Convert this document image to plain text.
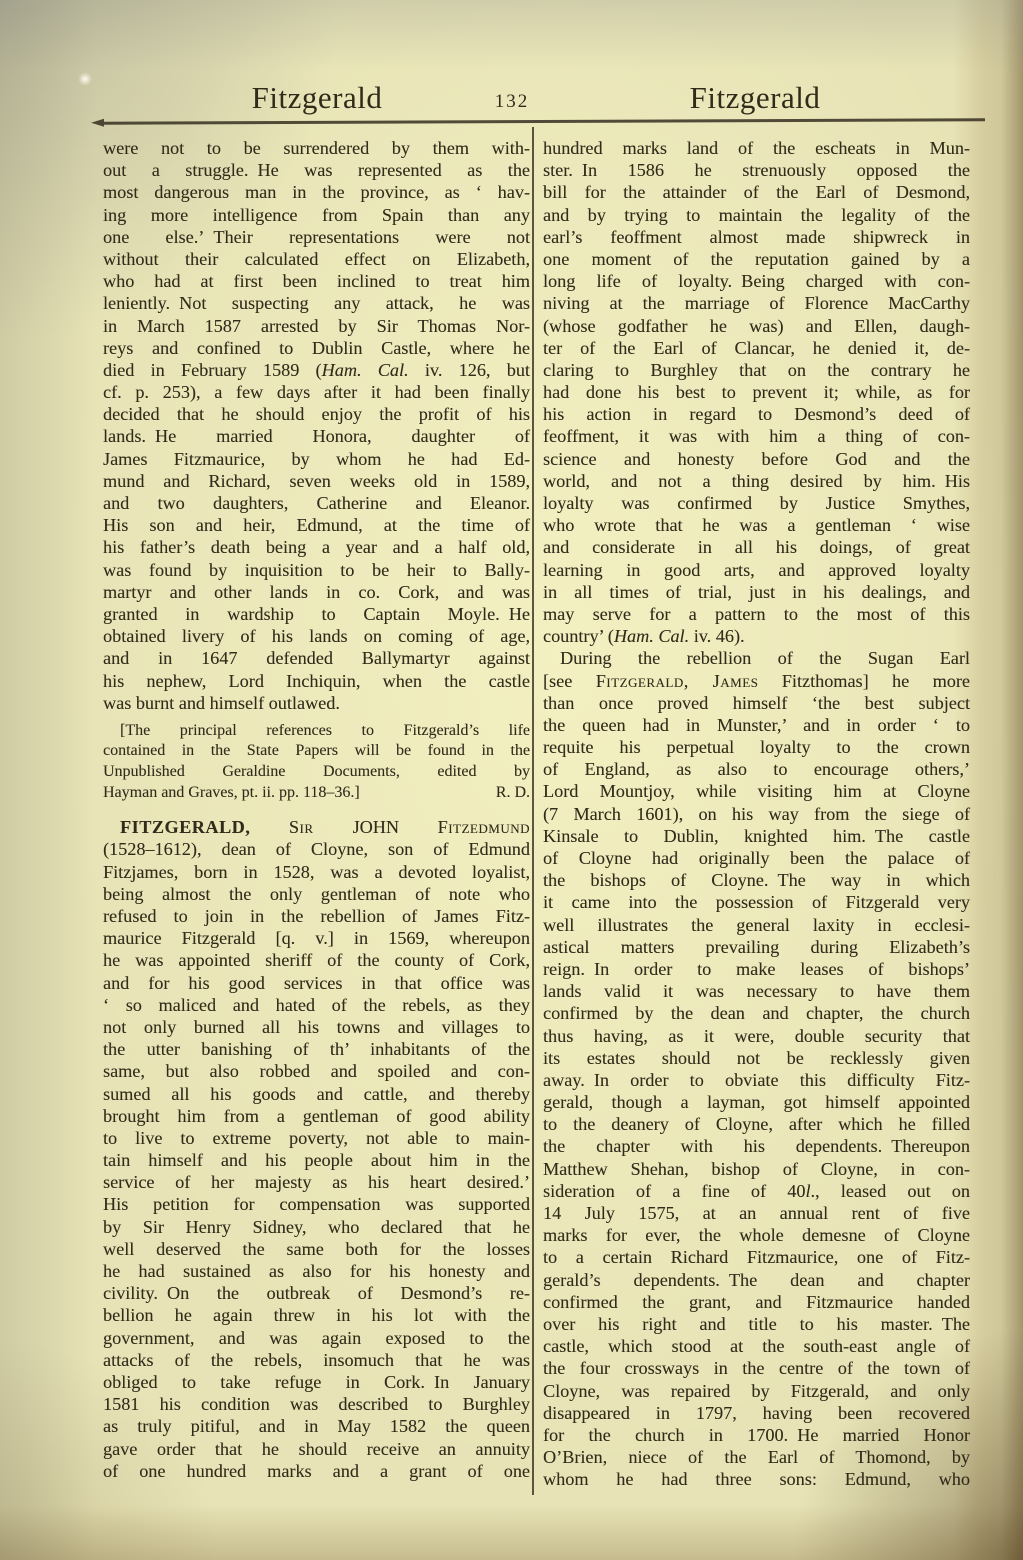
Fitzgerald	132	Fitzgerald
were not to be surrendered by them with-
out a struggle. He was represented as the
most dangerous man in the province, as ‘ hav-
ing more intelligence from Spain than any
one else.’ Their representations were not
without their calculated effect on Elizabeth,
who had at first been inclined to treat him
leniently. Not suspecting any attack, he was
in March 1587 arrested by Sir Thomas Nor-
reys and confined to Dublin Castle, where he
died in February 1589 (Ham. Cal. iv. 126, but
cf. p. 253), a few days after it had been finally
decided that he should enjoy the profit of his
lands. He married Honora, daughter of
James Fitzmaurice, by whom he had Ed-
mund and Richard, seven weeks old in 1589,
and two daughters, Catherine and Eleanor.
His son and heir, Edmund, at the time of
his father’s death being a year and a half old,
was found by inquisition to be heir to Bally-
martyr and other lands in co. Cork, and was
granted in wardship to Captain Moyle. He
obtained livery of his lands on coming of age,
and in 1647 defended Ballymartyr against
his nephew, Lord Inchiquin, when the castle
was burnt and himself outlawed.
[The principal references to Fitzgerald’s life
contained in the State Papers will be found in the
Unpublished Geraldine Documents, edited by
Hayman and Graves, pt. ii. pp. 118–36.]	R. D.
FITZGERALD, Sir JOHN Fitzedmund
(1528–1612), dean of Cloyne, son of Edmund
Fitzjames, born in 1528, was a devoted loyalist,
being almost the only gentleman of note who
refused to join in the rebellion of James Fitz-
maurice Fitzgerald [q. v.] in 1569, whereupon
he was appointed sheriff of the county of Cork,
and for his good services in that office was
‘ so maliced and hated of the rebels, as they
not only burned all his towns and villages to
the utter banishing of th’ inhabitants of the
same, but also robbed and spoiled and con-
sumed all his goods and cattle, and thereby
brought him from a gentleman of good ability
to live to extreme poverty, not able to main-
tain himself and his people about him in the
service of her majesty as his heart desired.’
His petition for compensation was supported
by Sir Henry Sidney, who declared that he
well deserved the same both for the losses
he had sustained as also for his honesty and
civility. On the outbreak of Desmond’s re-
bellion he again threw in his lot with the
government, and was again exposed to the
attacks of the rebels, insomuch that he was
obliged to take refuge in Cork. In January
1581 his condition was described to Burghley
as truly pitiful, and in May 1582 the queen
gave order that he should receive an annuity
of one hundred marks and a grant of one
hundred marks land of the escheats in Mun-
ster. In 1586 he strenuously opposed the
bill for the attainder of the Earl of Desmond,
and by trying to maintain the legality of the
earl’s feoffment almost made shipwreck in
one moment of the reputation gained by a
long life of loyalty. Being charged with con-
niving at the marriage of Florence MacCarthy
(whose godfather he was) and Ellen, daugh-
ter of the Earl of Clancar, he denied it, de-
claring to Burghley that on the contrary he
had done his best to prevent it; while, as for
his action in regard to Desmond’s deed of
feoffment, it was with him a thing of con-
science and honesty before God and the
world, and not a thing desired by him. His
loyalty was confirmed by Justice Smythes,
who wrote that he was a gentleman ‘ wise
and considerate in all his doings, of great
learning in good arts, and approved loyalty
in all times of trial, just in his dealings, and
may serve for a pattern to the most of this
country’ (Ham. Cal. iv. 46).
During the rebellion of the Sugan Earl
[see Fitzgerald, James Fitzthomas] he more
than once proved himself ‘the best subject
the queen had in Munster,’ and in order ‘ to
requite his perpetual loyalty to the crown
of England, as also to encourage others,’
Lord Mountjoy, while visiting him at Cloyne
(7 March 1601), on his way from the siege of
Kinsale to Dublin, knighted him. The castle
of Cloyne had originally been the palace of
the bishops of Cloyne. The way in which
it came into the possession of Fitzgerald very
well illustrates the general laxity in ecclesi-
astical matters prevailing during Elizabeth’s
reign. In order to make leases of bishops’
lands valid it was necessary to have them
confirmed by the dean and chapter, the church
thus having, as it were, double security that
its estates should not be recklessly given
away. In order to obviate this difficulty Fitz-
gerald, though a layman, got himself appointed
to the deanery of Cloyne, after which he filled
the chapter with his dependents. Thereupon
Matthew Shehan, bishop of Cloyne, in con-
sideration of a fine of 40l., leased out on
14 July 1575, at an annual rent of five
marks for ever, the whole demesne of Cloyne
to a certain Richard Fitzmaurice, one of Fitz-
gerald’s dependents. The dean and chapter
confirmed the grant, and Fitzmaurice handed
over his right and title to his master. The
castle, which stood at the south-east angle of
the four crossways in the centre of the town of
Cloyne, was repaired by Fitzgerald, and only
disappeared in 1797, having been recovered
for the church in 1700. He married Honor
O’Brien, niece of the Earl of Thomond, by
whom he had three sons: Edmund, who
